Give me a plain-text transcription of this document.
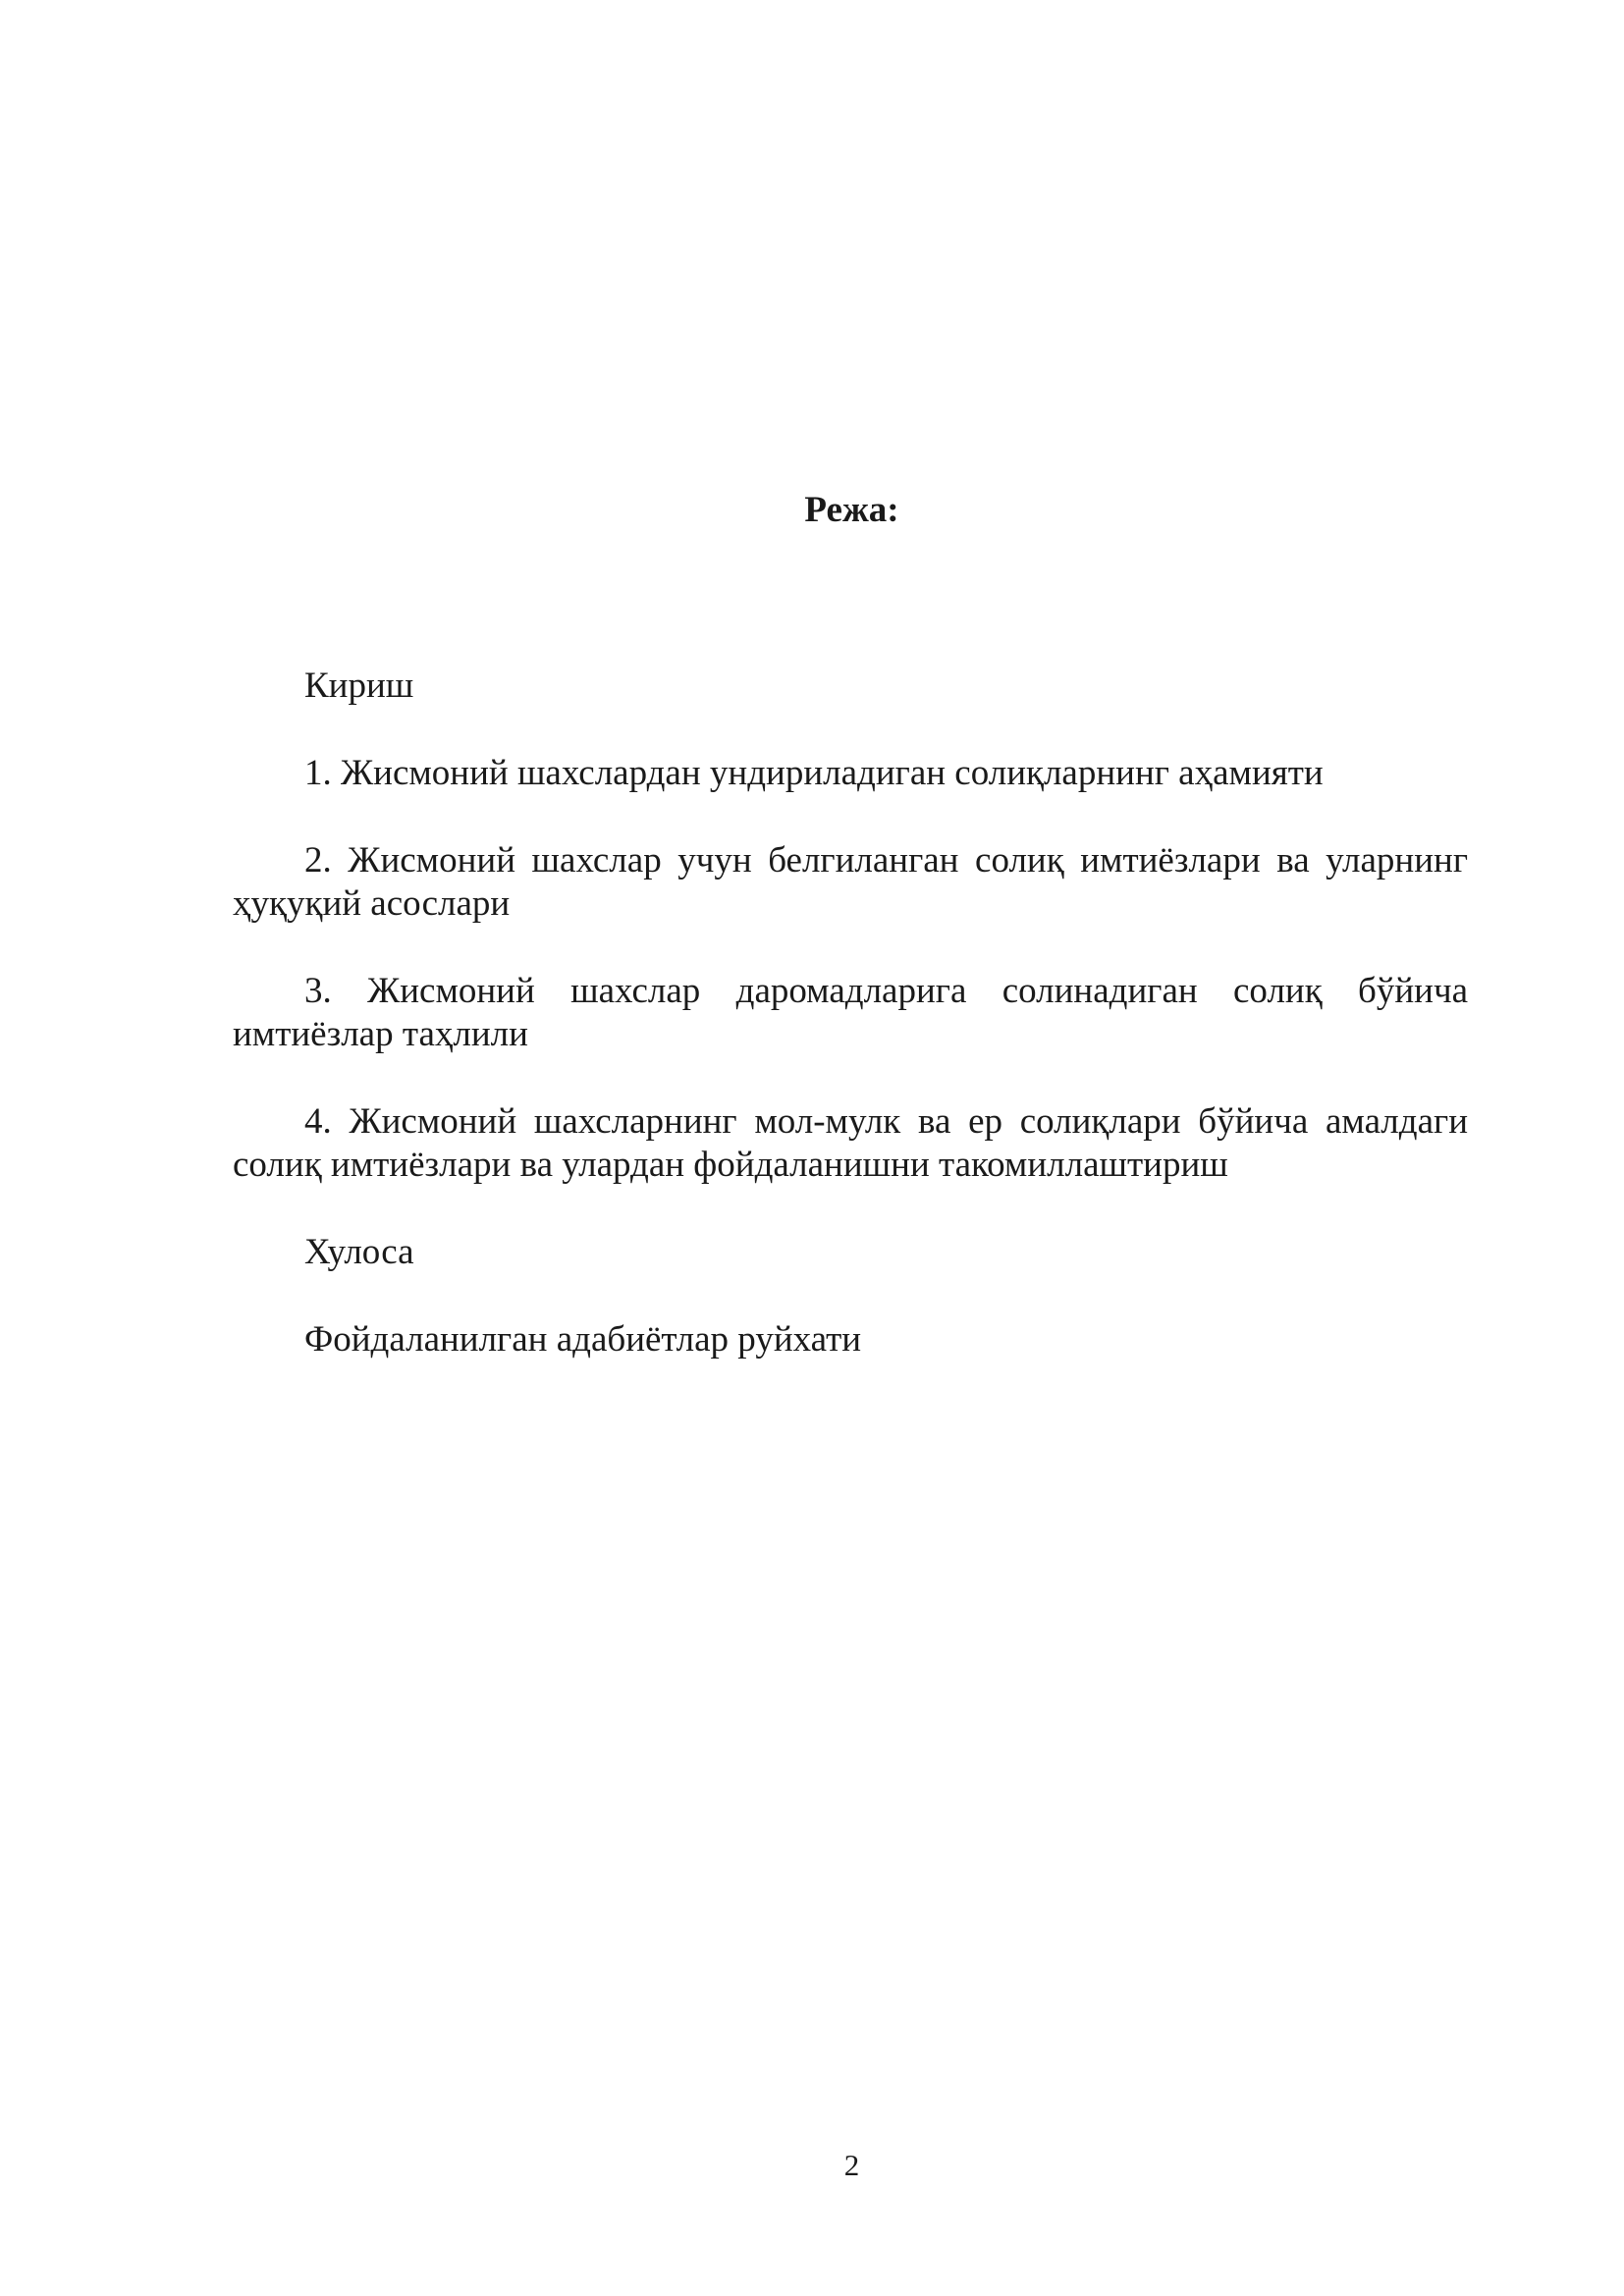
Режа:
Кириш
1. Жисмоний шахслардан ундириладиган солиқларнинг аҳамияти
2. Жисмоний шахслар учун белгиланган солиқ имтиёзлари ва уларнинг ҳуқуқий асослари
3. Жисмоний шахслар даромадларига солинадиган солиқ бўйича имтиёзлар таҳлили
4. Жисмоний шахсларнинг мол-мулк ва ер солиқлари бўйича амалдаги солиқ имтиёзлари ва улардан фойдаланишни такомиллаштириш
Хулоса
Фойдаланилган адабиётлар руйхати
2
